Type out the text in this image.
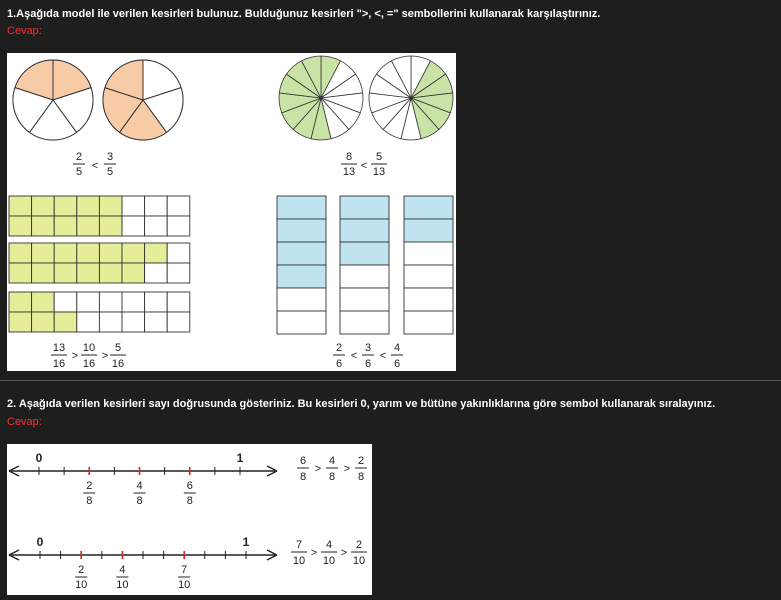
1.Aşağıda model ile verilen kesirleri bulunuz. Bulduğunuz kesirleri ">, <, =" sembollerini kullanarak karşılaştırınız.
Cevap:
2
5 <
3
5
8
13 <
5
13
13
16
>
10
16
>
5
16
2
6
<
3
6
<
4
6
2. Aşağıda verilen kesirleri sayı doğrusunda gösteriniz. Bu kesirleri 0, yarım ve bütüne yakınlıklarına göre sembol kullanarak sıralayınız.
Cevap:
0	1
2
8
4
8
6
8
6
8
>
4
8
>
2
8
0	1
2
10
4
10
7
10
7
10
>
4
10
>
2
10
